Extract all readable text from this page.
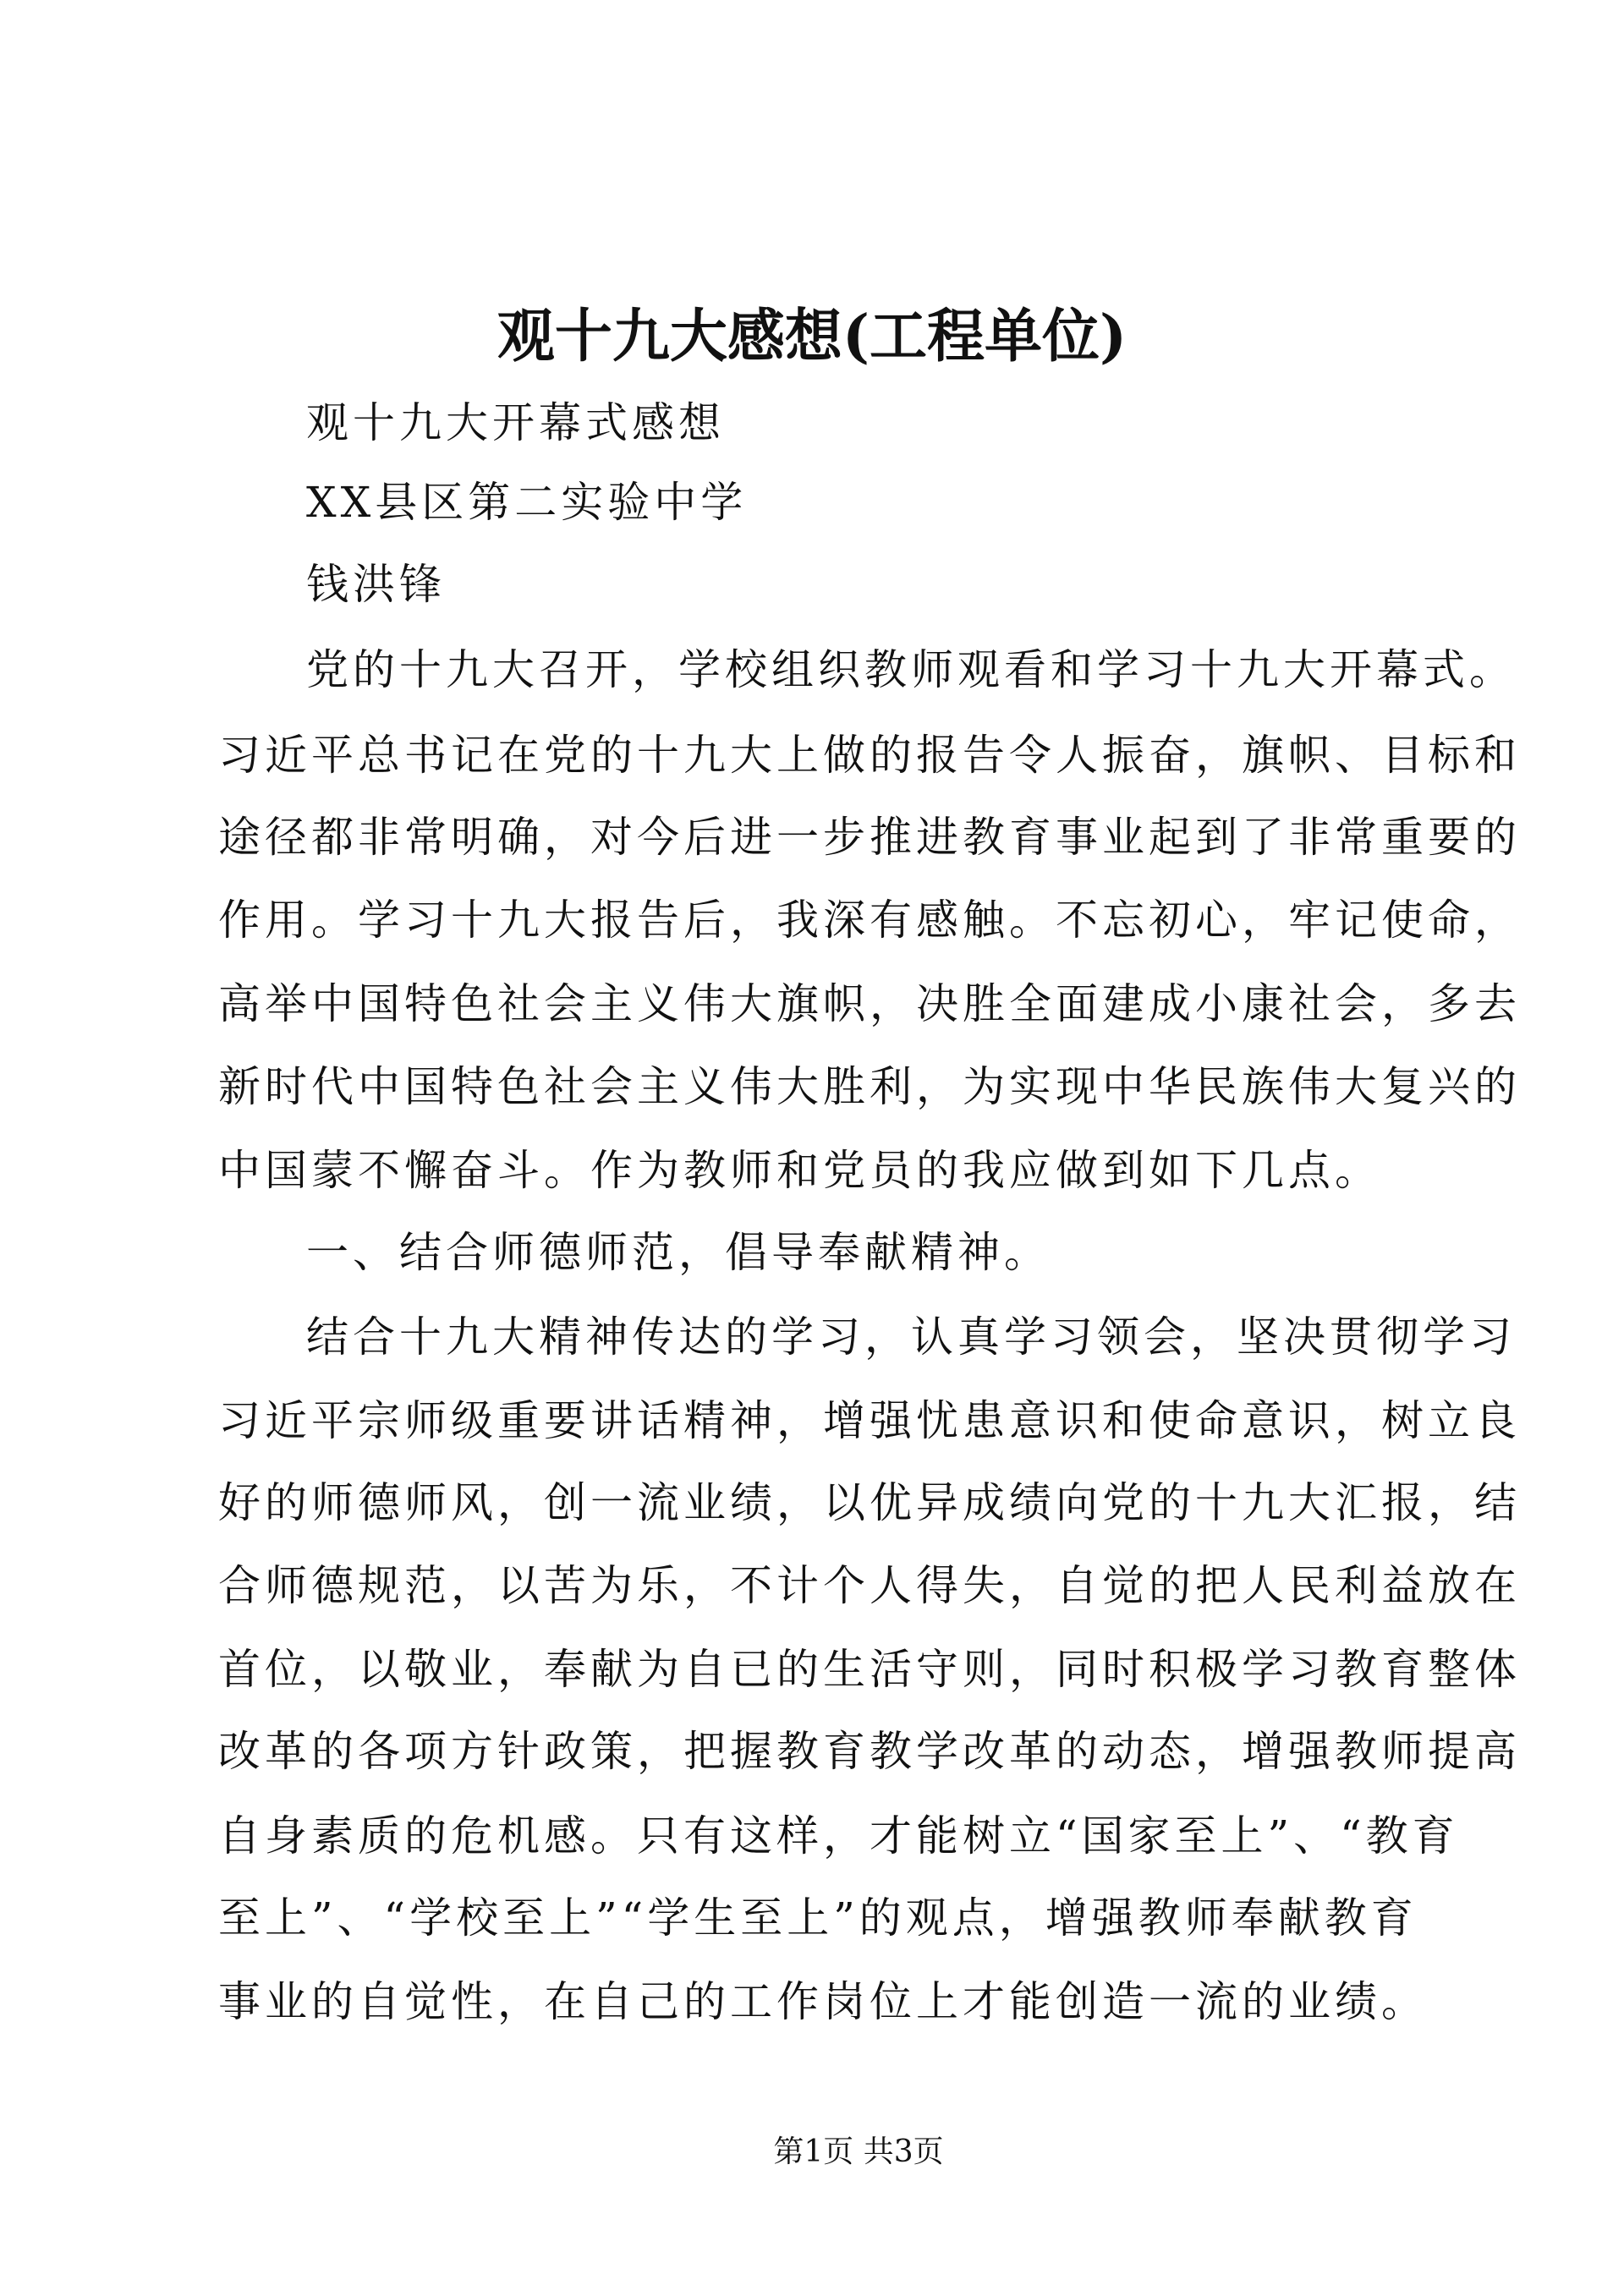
观十九大感想(工程单位)
观十九大开幕式感想
XX县区第二实验中学
钱洪锋
党的十九大召开，学校组织教师观看和学习十九大开幕式。
习近平总书记在党的十九大上做的报告令人振奋，旗帜、目标和
途径都非常明确，对今后进一步推进教育事业起到了非常重要的
作用。学习十九大报告后，我深有感触。不忘初心，牢记使命，
高举中国特色社会主义伟大旗帜，决胜全面建成小康社会，多去
新时代中国特色社会主义伟大胜利，为实现中华民族伟大复兴的
中国蒙不懈奋斗。作为教师和党员的我应做到如下几点。
一、结合师德师范，倡导奉献精神。
结合十九大精神传达的学习，认真学习领会，坚决贯彻学习
习近平宗师级重要讲话精神，增强忧患意识和使命意识，树立良
好的师德师风，创一流业绩，以优异成绩向党的十九大汇报，结
合师德规范，以苦为乐，不计个人得失，自觉的把人民利益放在
首位，以敬业，奉献为自已的生活守则，同时积极学习教育整体
改革的各项方针政策，把握教育教学改革的动态，增强教师提高
自身素质的危机感。只有这样，才能树立“国家至上”、“教育
至上”、“学校至上”“学生至上”的观点，增强教师奉献教育
事业的自觉性，在自己的工作岗位上才能创造一流的业绩。
第1页 共3页
